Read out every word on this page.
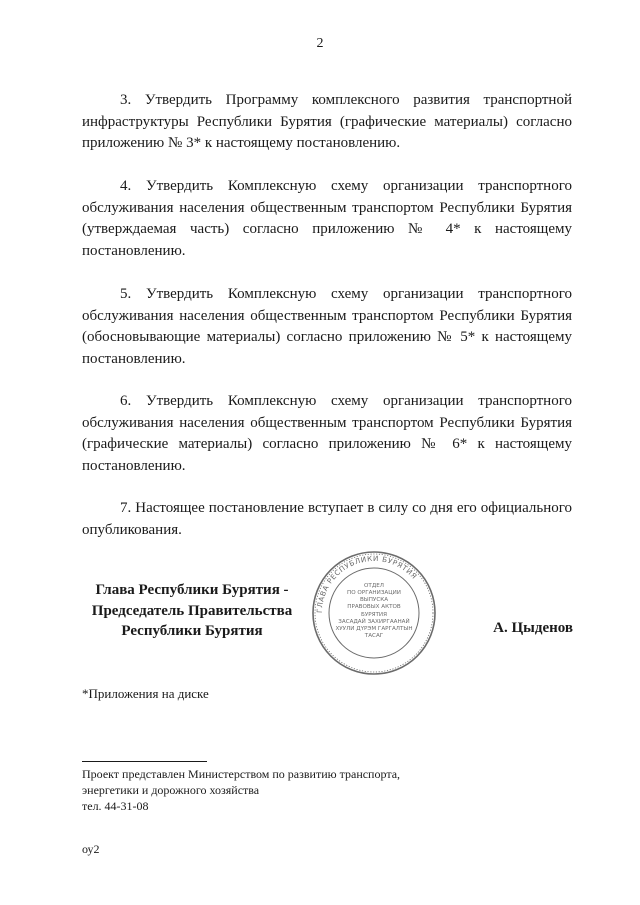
2

3. Утвердить Программу комплексного развития транспортной инфраструктуры Республики Бурятия (графические материалы) согласно приложению № 3* к настоящему постановлению.

4. Утвердить Комплексную схему организации транспортного обслуживания населения общественным транспортом Республики Бурятия (утверждаемая часть) согласно приложению № 4* к настоящему постановлению.

5. Утвердить Комплексную схему организации транспортного обслуживания населения общественным транспортом Республики Бурятия (обосновывающие материалы) согласно приложению № 5* к настоящему постановлению.

6. Утвердить Комплексную схему организации транспортного обслуживания населения общественным транспортом Республики Бурятия (графические материалы) согласно приложению № 6* к настоящему постановлению.

7. Настоящее постановление вступает в силу со дня его официального опубликования.

Глава Республики Бурятия -
Председатель Правительства
Республики Бурятия
ГЛАВА РЕСПУБЛИКИ БУРЯТИЯ
ОТДЕЛ
ПО ОРГАНИЗАЦИИ
ВЫПУСКА
ПРАВОВЫХ АКТОВ
БУРЯТИЯ
ЗАСАДАЙ ЗАХИРГААНАЙ
ХУУЛИ ДҮРЭМ ГАРГАЛТЫН
ТАСАГ	А. Цыденов
*Приложения на диске
Проект представлен Министерством по развитию транспорта,
энергетики и дорожного хозяйства
тел. 44-31-08
оу2
